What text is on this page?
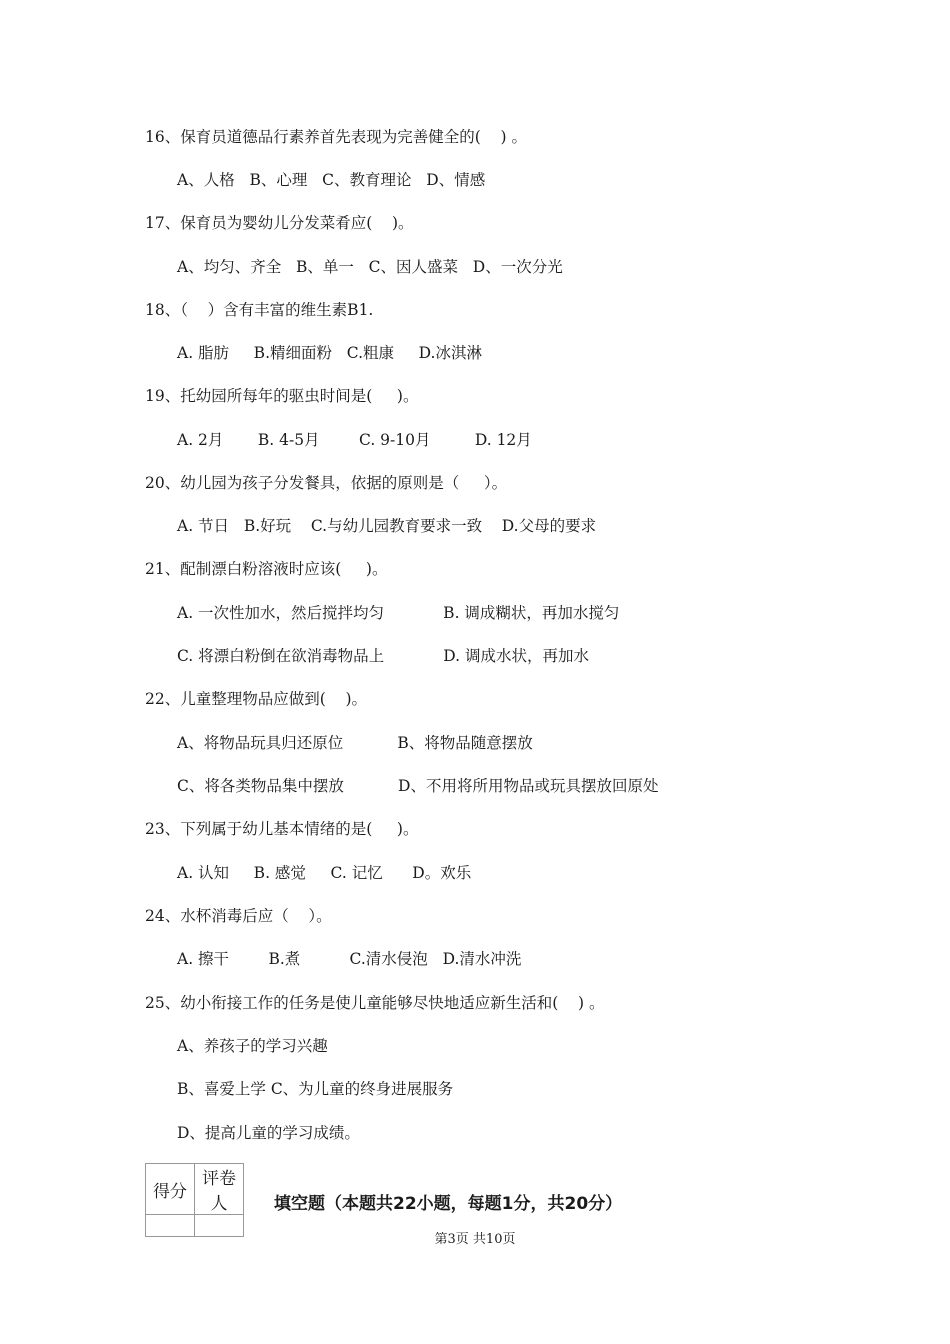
16、保育员道德品行素养首先表现为完善健全的(    ) 。
A、人格   B、心理   C、教育理论   D、情感
17、保育员为婴幼儿分发菜肴应(    )。
A、均匀、齐全   B、单一   C、因人盛菜   D、一次分光
18、（    ）含有丰富的维生素B1.
A. 脂肪     B.精细面粉   C.粗康     D.冰淇淋
19、托幼园所每年的驱虫时间是(     )。
A. 2月       B. 4-5月        C. 9-10月         D. 12月
20、幼儿园为孩子分发餐具，依据的原则是（     ）。
A. 节日   B.好玩    C.与幼儿园教育要求一致    D.父母的要求
21、配制漂白粉溶液时应该(     )。
A. 一次性加水，然后搅拌均匀            B. 调成糊状，再加水搅匀
C. 将漂白粉倒在欲消毒物品上            D. 调成水状，再加水
22、儿童整理物品应做到(    )。
A、将物品玩具归还原位           B、将物品随意摆放
C、将各类物品集中摆放           D、不用将所用物品或玩具摆放回原处
23、下列属于幼儿基本情绪的是(     )。
A. 认知     B. 感觉     C. 记忆      D。欢乐
24、水杯消毒后应（    ）。
A. 擦干        B.煮          C.清水侵泡   D.清水冲洗
25、幼小衔接工作的任务是使儿童能够尽快地适应新生活和(    ) 。
A、养孩子的学习兴趣
B、喜爱上学 C、为儿童的终身进展服务
D、提高儿童的学习成绩。
得分	评卷人
		填空题（本题共22小题，每题1分，共20分）
第3页 共10页
